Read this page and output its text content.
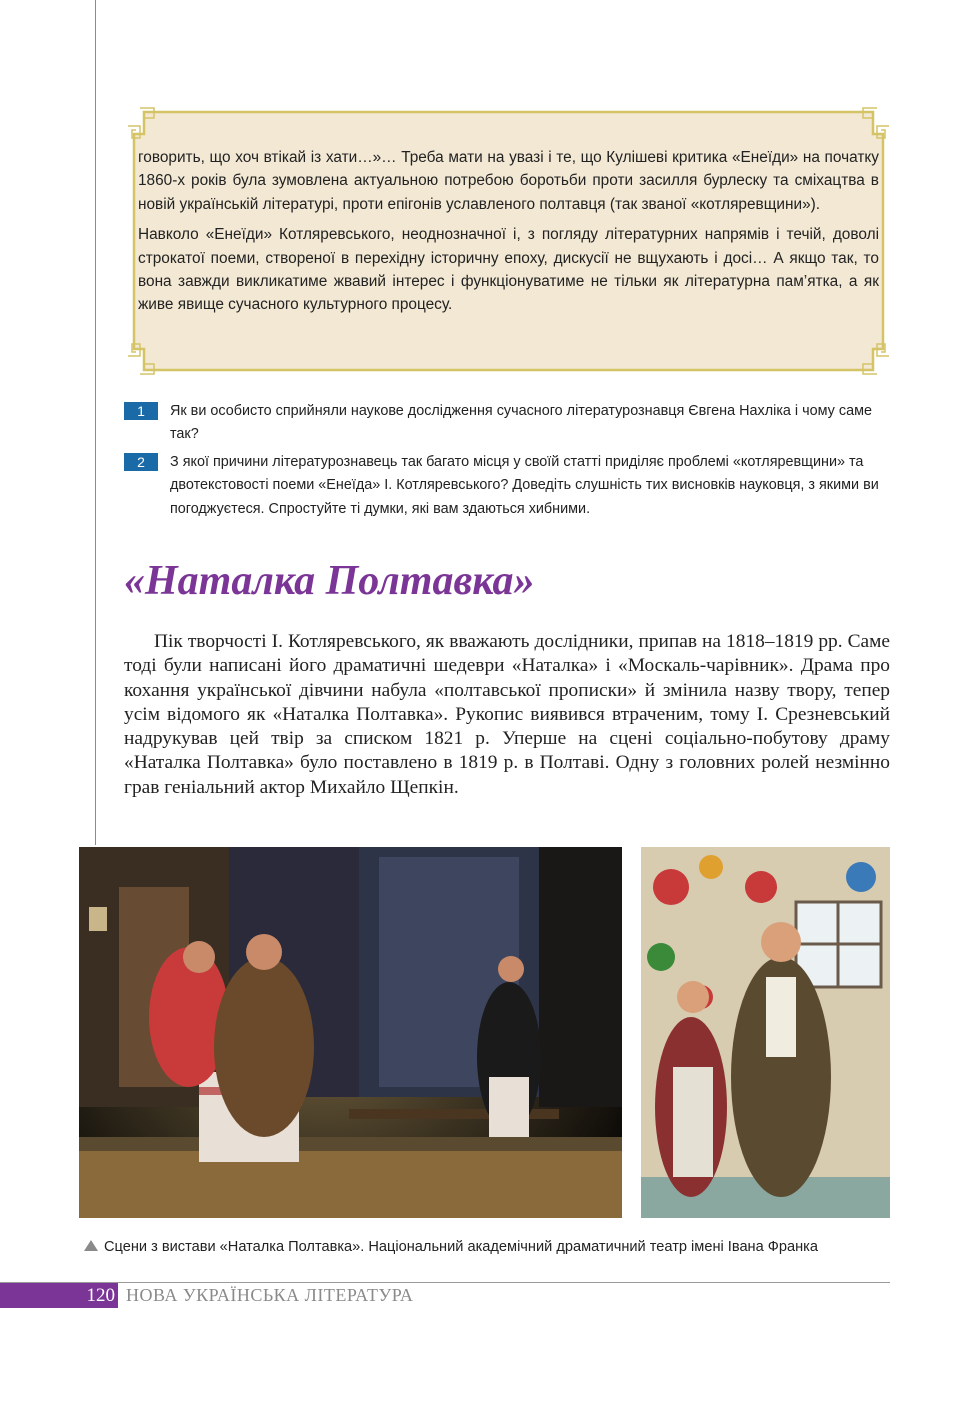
говорить, що хоч втікай із хати…»… Треба мати на увазі і те, що Кулішеві критика «Енеїди» на початку 1860-х років була зумовлена актуальною потребою боротьби проти засилля бурлеску та сміхацтва в новій українській літературі, проти епігонів уславленого полтавця (так званої «котляревщини»).

Навколо «Енеїди» Котляревського, неоднозначної і, з погляду літературних напрямів і течій, доволі строкатої поеми, створеної в перехідну історичну епоху, дискусії не вщухають і досі… А якщо так, то вона завжди викликатиме жвавий інтерес і функціонуватиме не тільки як літературна пам’ятка, а як живе явище сучасного культурного процесу.

1	Як ви особисто сприйняли наукове дослідження сучасного літературознавця Євгена Нахліка і чому саме так?
2	З якої причини літературознавець так багато місця у своїй статті приділяє проблемі «котляревщини» та двотекстовості поеми «Енеїда» І. Котляревського? Доведіть слушність тих висновків науковця, з якими ви погоджуєтеся. Спростуйте ті думки, які вам здаються хибними.
«Наталка Полтавка»

Пік творчості І. Котляревського, як вважають дослідники, припав на 1818–1819 рр. Саме тоді були написані його драматичні шедеври «Наталка» і «Москаль-чарівник». Драма про кохання української дівчини набула «полтавської прописки» й змінила назву твору, тепер усім відомого як «Наталка Полтавка». Рукопис виявився втраченим, тому І. Срезневський надрукував цей твір за списком 1821 р. Уперше на сцені соціально-побутову драму «Наталка Полтавка» було поставлено в 1819 р. в Полтаві. Одну з головних ролей незмінно грав геніальний актор Михайло Щепкін.

Сцени з вистави «Наталка Полтавка». Національний академічний драматичний театр імені Івана Франка
120 НОВА УКРАЇНСЬКА ЛІТЕРАТУРА
